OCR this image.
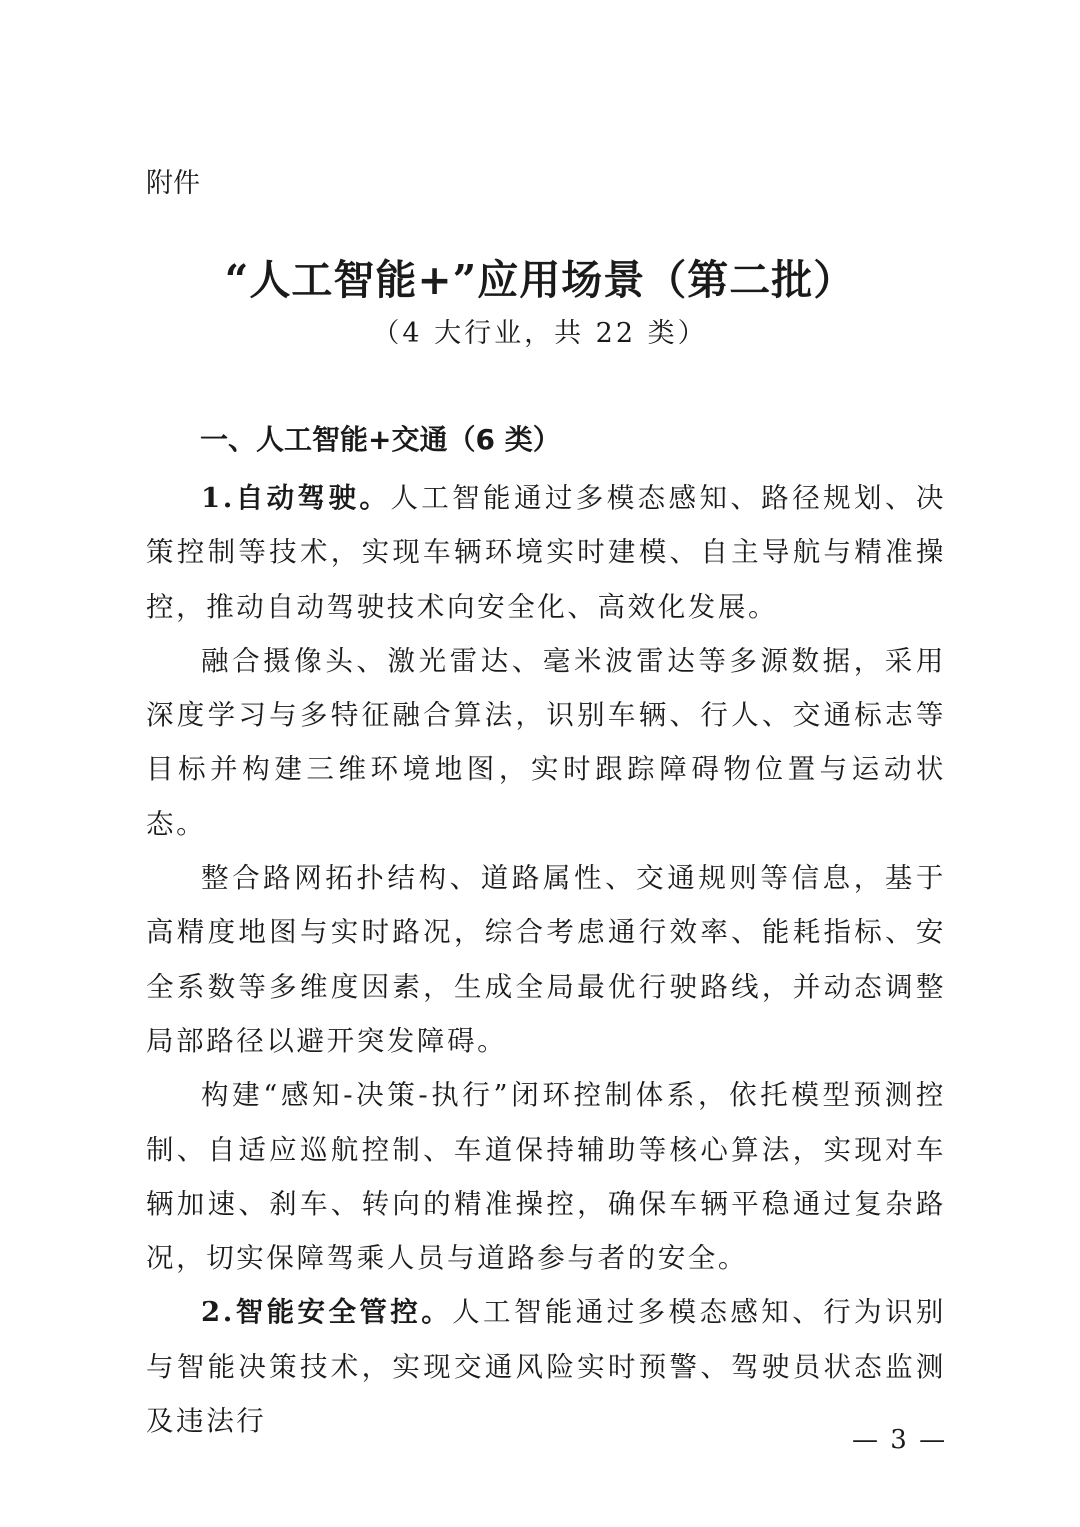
附件
“人工智能+”应用场景（第二批）
（4 大行业，共 22 类）
一、人工智能+交通（6 类）

1.自动驾驶。人工智能通过多模态感知、路径规划、决策控制等技术，实现车辆环境实时建模、自主导航与精准操控，推动自动驾驶技术向安全化、高效化发展。

融合摄像头、激光雷达、毫米波雷达等多源数据，采用深度学习与多特征融合算法，识别车辆、行人、交通标志等目标并构建三维环境地图，实时跟踪障碍物位置与运动状态。

整合路网拓扑结构、道路属性、交通规则等信息，基于高精度地图与实时路况，综合考虑通行效率、能耗指标、安全系数等多维度因素，生成全局最优行驶路线，并动态调整局部路径以避开突发障碍。

构建“感知-决策-执行”闭环控制体系，依托模型预测控制、自适应巡航控制、车道保持辅助等核心算法，实现对车辆加速、刹车、转向的精准操控，确保车辆平稳通过复杂路况，切实保障驾乘人员与道路参与者的安全。

2.智能安全管控。人工智能通过多模态感知、行为识别与智能决策技术，实现交通风险实时预警、驾驶员状态监测及违法行

— 3 —
